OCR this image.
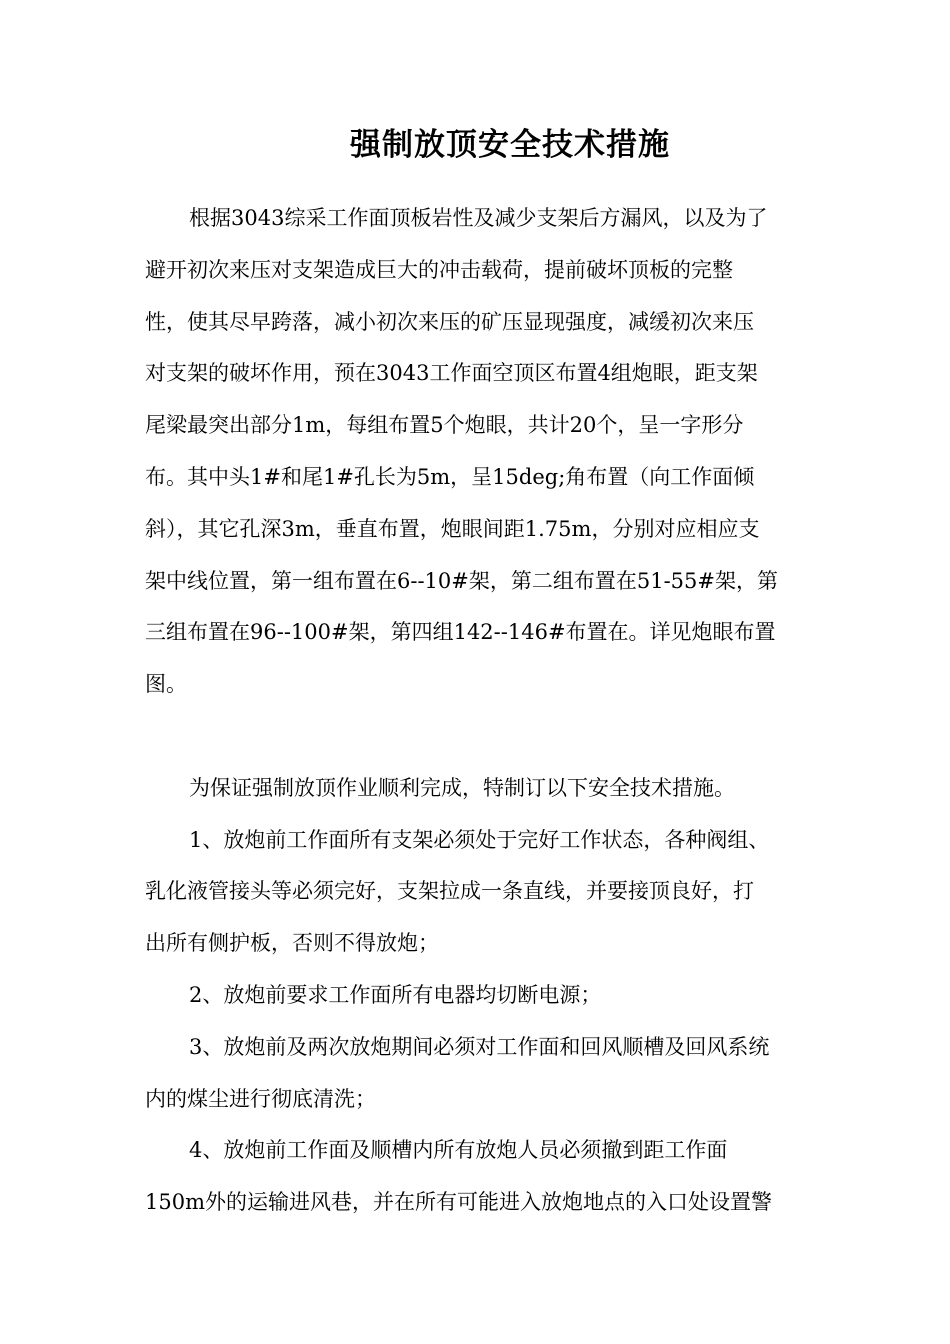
强制放顶安全技术措施
根据3043综采工作面顶板岩性及减少支架后方漏风，以及为了
避开初次来压对支架造成巨大的冲击载荷，提前破坏顶板的完整
性，使其尽早跨落，减小初次来压的矿压显现强度，减缓初次来压
对支架的破坏作用，预在3043工作面空顶区布置4组炮眼，距支架
尾梁最突出部分1m，每组布置5个炮眼，共计20个，呈一字形分
布。其中头1#和尾1#孔长为5m，呈15deg;角布置（向工作面倾
斜），其它孔深3m，垂直布置，炮眼间距1.75m，分别对应相应支
架中线位置，第一组布置在6--10#架，第二组布置在51-55#架，第
三组布置在96--100#架，第四组142--146#布置在。详见炮眼布置
图。
为保证强制放顶作业顺利完成，特制订以下安全技术措施。
1、放炮前工作面所有支架必须处于完好工作状态，各种阀组、
乳化液管接头等必须完好，支架拉成一条直线，并要接顶良好，打
出所有侧护板，否则不得放炮；
2、放炮前要求工作面所有电器均切断电源；
3、放炮前及两次放炮期间必须对工作面和回风顺槽及回风系统
内的煤尘进行彻底清洗；
4、放炮前工作面及顺槽内所有放炮人员必须撤到距工作面
150m外的运输进风巷，并在所有可能进入放炮地点的入口处设置警
